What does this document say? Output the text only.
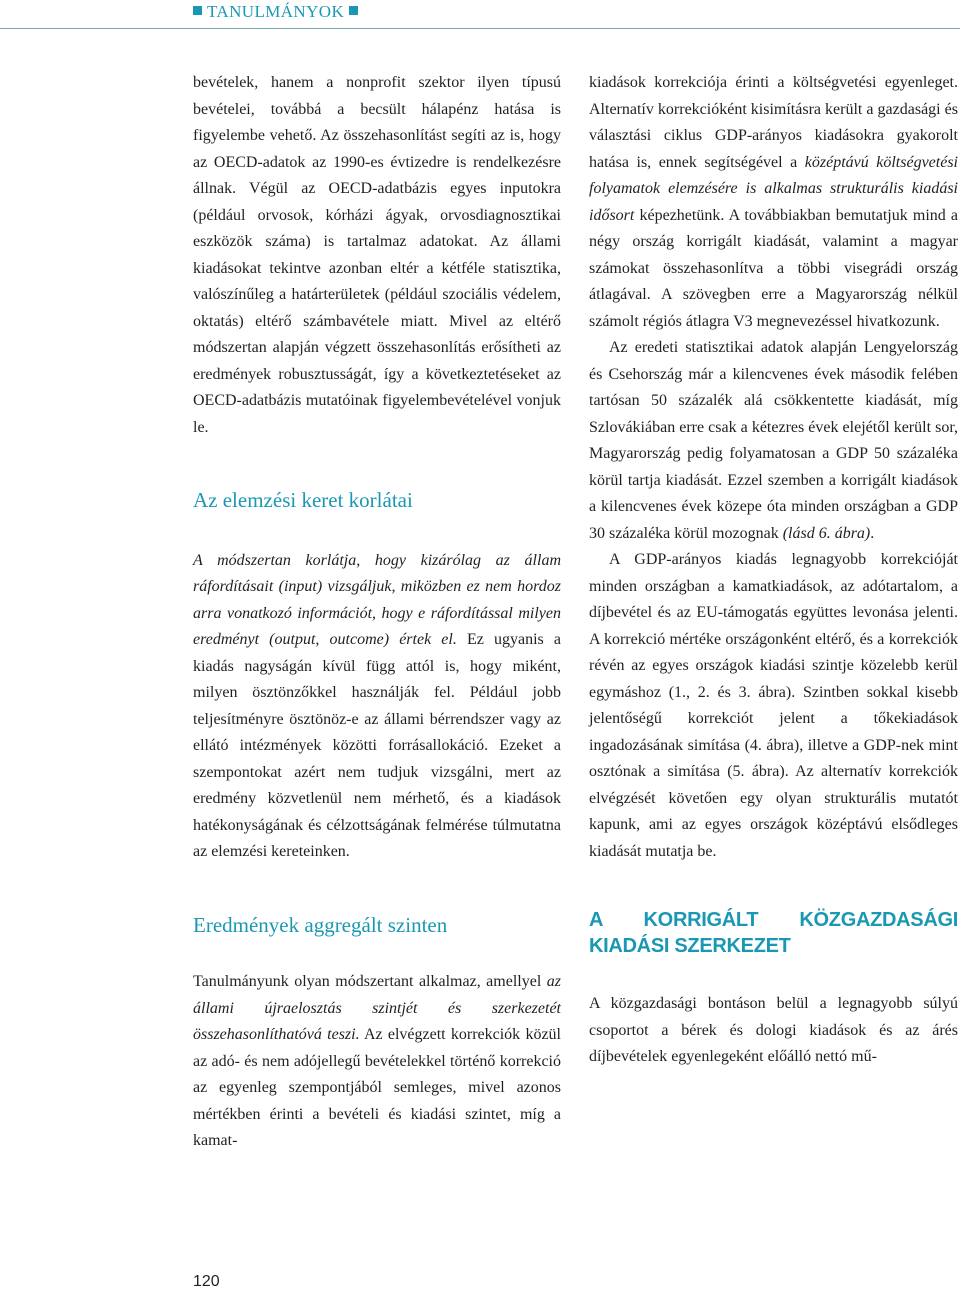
TANULMÁNYOK

bevételek, hanem a nonprofit szektor ilyen típusú bevételei, továbbá a becsült hálapénz hatása is figyelembe vehető. Az összehasonlítást segíti az is, hogy az OECD-adatok az 1990-es évtizedre is rendelkezésre állnak. Végül az OECD-adatbázis egyes inputokra (például orvosok, kórházi ágyak, orvosdiagnosztikai eszközök száma) is tartalmaz adatokat. Az állami kiadásokat tekintve azonban eltér a kétféle statisztika, valószínűleg a határterületek (például szociális védelem, oktatás) eltérő számbavétele miatt. Mivel az eltérő módszertan alapján végzett összehasonlítás erősítheti az eredmények robusztusságát, így a következtetéseket az OECD-adatbázis mutatóinak figyelembevételével vonjuk le.

Az elemzési keret korlátai

A módszertan korlátja, hogy kizárólag az állam ráfordításait (input) vizsgáljuk, miközben ez nem hordoz arra vonatkozó információt, hogy e ráfordítással milyen eredményt (output, outcome) értek el. Ez ugyanis a kiadás nagyságán kívül függ attól is, hogy miként, milyen ösztönzőkkel használják fel. Például jobb teljesítményre ösztönöz-e az állami bérrendszer vagy az ellátó intézmények közötti forrásallokáció. Ezeket a szempontokat azért nem tudjuk vizsgálni, mert az eredmény közvetlenül nem mérhető, és a kiadások hatékonyságának és célzottságának felmérése túlmutatna az elemzési kereteinken.

Eredmények aggregált szinten

Tanulmányunk olyan módszertant alkalmaz, amellyel az állami újraelosztás szintjét és szerkezetét összehasonlíthatóvá teszi. Az elvégzett korrekciók közül az adó- és nem adójellegű bevételekkel történő korrekció az egyenleg szempontjából semleges, mivel azonos mértékben érinti a bevételi és kiadási szintet, míg a kamat-

kiadások korrekciója érinti a költségvetési egyenleget. Alternatív korrekcióként kisimításra került a gazdasági és választási ciklus GDP-arányos kiadásokra gyakorolt hatása is, ennek segítségével a középtávú költségvetési folyamatok elemzésére is alkalmas strukturális kiadási idősort képezhetünk. A továbbiakban bemutatjuk mind a négy ország korrigált kiadását, valamint a magyar számokat összehasonlítva a többi visegrádi ország átlagával. A szövegben erre a Magyarország nélkül számolt régiós átlagra V3 megnevezéssel hivatkozunk.

Az eredeti statisztikai adatok alapján Lengyelország és Csehország már a kilencvenes évek második felében tartósan 50 százalék alá csökkentette kiadását, míg Szlovákiában erre csak a kétezres évek elejétől került sor, Magyarország pedig folyamatosan a GDP 50 százaléka körül tartja kiadását. Ezzel szemben a korrigált kiadások a kilencvenes évek közepe óta minden országban a GDP 30 százaléka körül mozognak (lásd 6. ábra).

A GDP-arányos kiadás legnagyobb korrekcióját minden országban a kamatkiadások, az adótartalom, a díjbevétel és az EU-támogatás együttes levonása jelenti. A korrekció mértéke országonként eltérő, és a korrekciók révén az egyes országok kiadási szintje közelebb kerül egymáshoz (1., 2. és 3. ábra). Szintben sokkal kisebb jelentőségű korrekciót jelent a tőkekiadások ingadozásának simítása (4. ábra), illetve a GDP-nek mint osztónak a simítása (5. ábra). Az alternatív korrekciók elvégzését követően egy olyan strukturális mutatót kapunk, ami az egyes országok középtávú elsődleges kiadását mutatja be.

A KORRIGÁLT KÖZGAZDASÁGI KIADÁSI SZERKEZET

A közgazdasági bontáson belül a legnagyobb súlyú csoportot a bérek és dologi kiadások és az árés díjbevételek egyenlegeként előálló nettó mű-

120
